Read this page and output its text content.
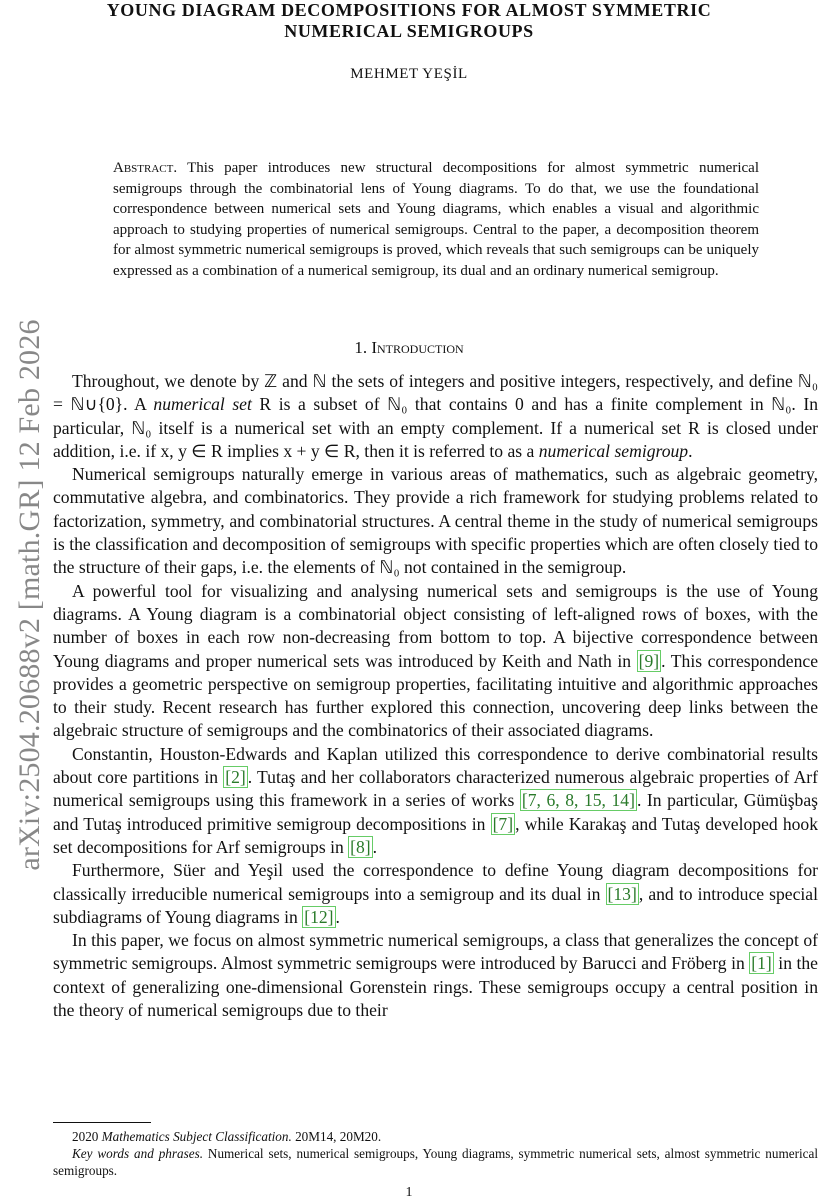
arXiv:2504.20688v2 [math.GR] 12 Feb 2026
YOUNG DIAGRAM DECOMPOSITIONS FOR ALMOST SYMMETRIC
NUMERICAL SEMIGROUPS
MEHMET YEŞİL
Abstract. This paper introduces new structural decompositions for almost symmetric numerical semigroups through the combinatorial lens of Young diagrams. To do that, we use the foundational correspondence between numerical sets and Young diagrams, which enables a visual and algorithmic approach to studying properties of numerical semigroups. Central to the paper, a decomposition theorem for almost symmetric numerical semigroups is proved, which reveals that such semigroups can be uniquely expressed as a combination of a numerical semigroup, its dual and an ordinary numerical semigroup.
1. Introduction

Throughout, we denote by ℤ and ℕ the sets of integers and positive integers, respectively, and define ℕ₀ = ℕ∪{0}. A numerical set R is a subset of ℕ₀ that contains 0 and has a finite complement in ℕ₀. In particular, ℕ₀ itself is a numerical set with an empty complement. If a numerical set R is closed under addition, i.e. if x, y ∈ R implies x + y ∈ R, then it is referred to as a numerical semigroup.

Numerical semigroups naturally emerge in various areas of mathematics, such as algebraic geometry, commutative algebra, and combinatorics. They provide a rich framework for studying problems related to factorization, symmetry, and combinatorial structures. A central theme in the study of numerical semigroups is the classification and decomposition of semigroups with specific properties which are often closely tied to the structure of their gaps, i.e. the elements of ℕ₀ not contained in the semigroup.

A powerful tool for visualizing and analysing numerical sets and semigroups is the use of Young diagrams. A Young diagram is a combinatorial object consisting of left-aligned rows of boxes, with the number of boxes in each row non-decreasing from bottom to top. A bijective correspondence between Young diagrams and proper numerical sets was introduced by Keith and Nath in [9] . This correspondence provides a geometric perspective on semigroup properties, facilitating intuitive and algorithmic approaches to their study. Recent research has further explored this connection, uncovering deep links between the algebraic structure of semigroups and the combinatorics of their associated diagrams.

Constantin, Houston-Edwards and Kaplan utilized this correspondence to derive combinatorial results about core partitions in [2] . Tutaş and her collaborators characterized numerous algebraic properties of Arf numerical semigroups using this framework in a series of works [7, 6, 8, 15, 14] . In particular, Gümüşbaş and Tutaş introduced primitive semigroup decompositions in [7] , while Karakaş and Tutaş developed hook set decompositions for Arf semigroups in [8] .

Furthermore, Süer and Yeşil used the correspondence to define Young diagram decompositions for classically irreducible numerical semigroups into a semigroup and its dual in [13] , and to introduce special subdiagrams of Young diagrams in [12] .

In this paper, we focus on almost symmetric numerical semigroups, a class that generalizes the concept of symmetric semigroups. Almost symmetric semigroups were introduced by Barucci and Fröberg in [1] in the context of generalizing one-dimensional Gorenstein rings. These semigroups occupy a central position in the theory of numerical semigroups due to their

2020 Mathematics Subject Classification. 20M14, 20M20.

Key words and phrases. Numerical sets, numerical semigroups, Young diagrams, symmetric numerical sets, almost symmetric numerical semigroups.

1
